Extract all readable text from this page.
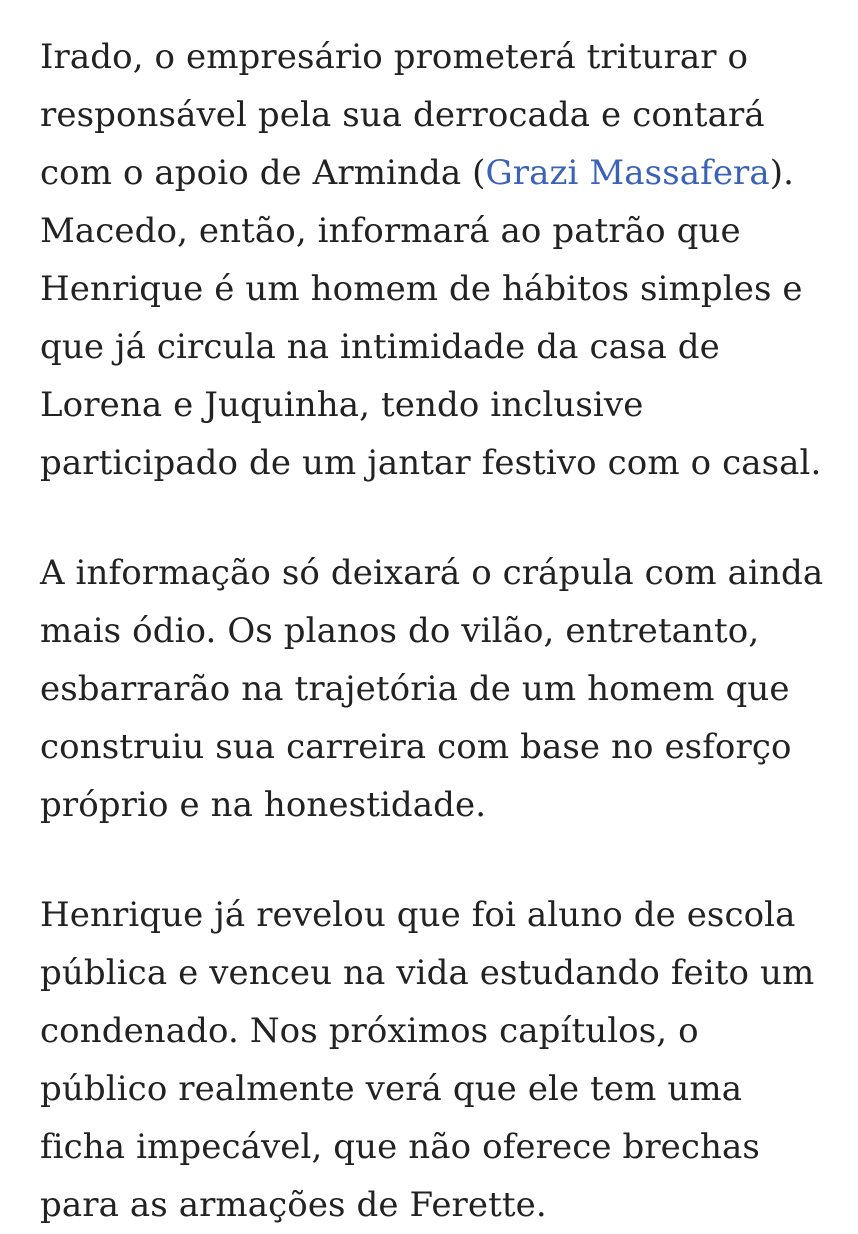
Irado, o empresário prometerá triturar o responsável pela sua derrocada e contará com o apoio de Arminda (Grazi Massafera). Macedo, então, informará ao patrão que Henrique é um homem de hábitos simples e que já circula na intimidade da casa de Lorena e Juquinha, tendo inclusive participado de um jantar festivo com o casal.

A informação só deixará o crápula com ainda mais ódio. Os planos do vilão, entretanto, esbarrarão na trajetória de um homem que construiu sua carreira com base no esforço próprio e na honestidade.

Henrique já revelou que foi aluno de escola pública e venceu na vida estudando feito um condenado. Nos próximos capítulos, o público realmente verá que ele tem uma ficha impecável, que não oferece brechas para as armações de Ferette.
